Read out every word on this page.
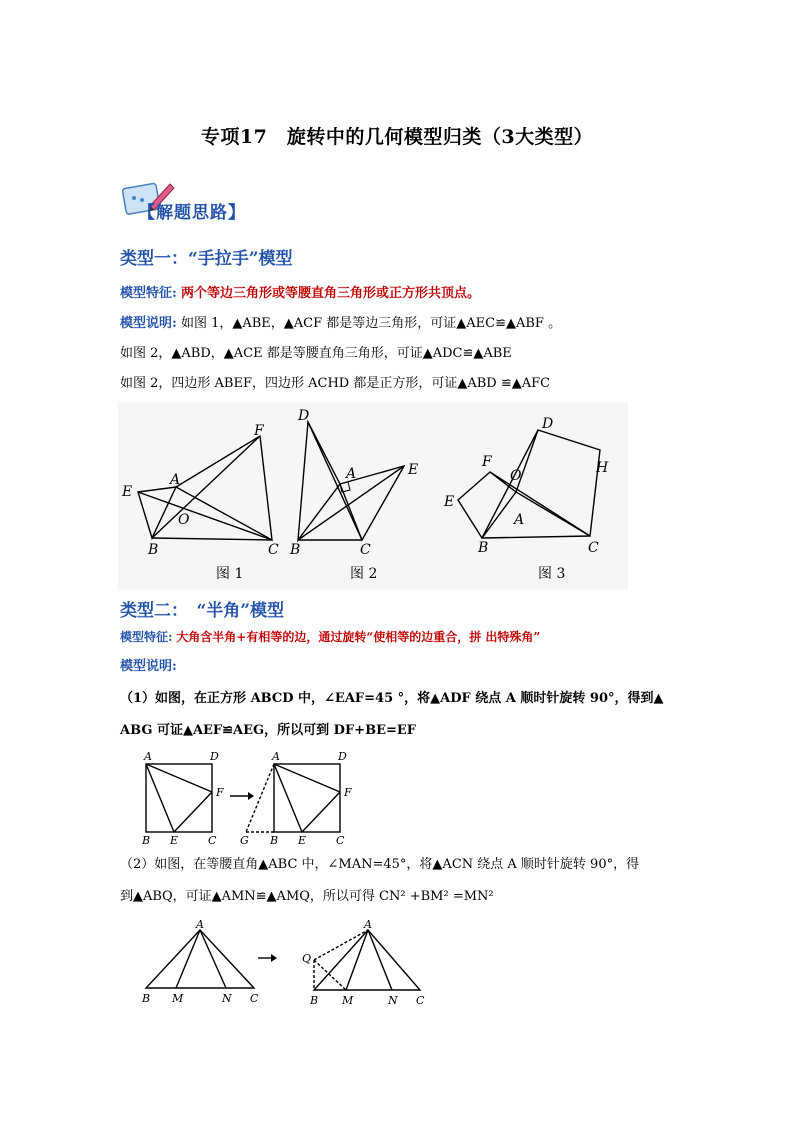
专项17　旋转中的几何模型归类（3大类型）
【解题思路】
类型一：“手拉手”模型
模型特征: 两个等边三角形或等腰直角三角形或正方形共顶点。
模型说明: 如图 1，▲ABE，▲ACF 都是等边三角形，可证▲AEC≌▲ABF 。
如图 2，▲ABD，▲ACE 都是等腰直角三角形，可证▲ADC≌▲ABE
如图 2，四边形 ABEF，四边形 ACHD 都是正方形，可证▲ABD ≌▲AFC
F
E
A
O
B	C
图 1
D
A	E
B	C
图 2
D
H
F
O
E
A
B	C
图 3
类型二：　“半角”模型
模型特征: 大角含半角+有相等的边，通过旋转“使相等的边重合，拼 出特殊角”
模型说明:
（1）如图，在正方形 ABCD 中，∠EAF=45 °，将▲ADF 绕点 A 顺时针旋转 90°，得到▲
ABG 可证▲AEF≌AEG，所以可到 DF+BE=EF
A	D
F
B E	C
A	D
F
G B E	C
（2）如图，在等腰直角▲ABC 中，∠MAN=45°，将▲ACN 绕点 A 顺时针旋转 90°，得
到▲ABQ，可证▲AMN≌▲AMQ，所以可得 CN² +BM² =MN²
A
B M	N C
A
Q
B M	N C
